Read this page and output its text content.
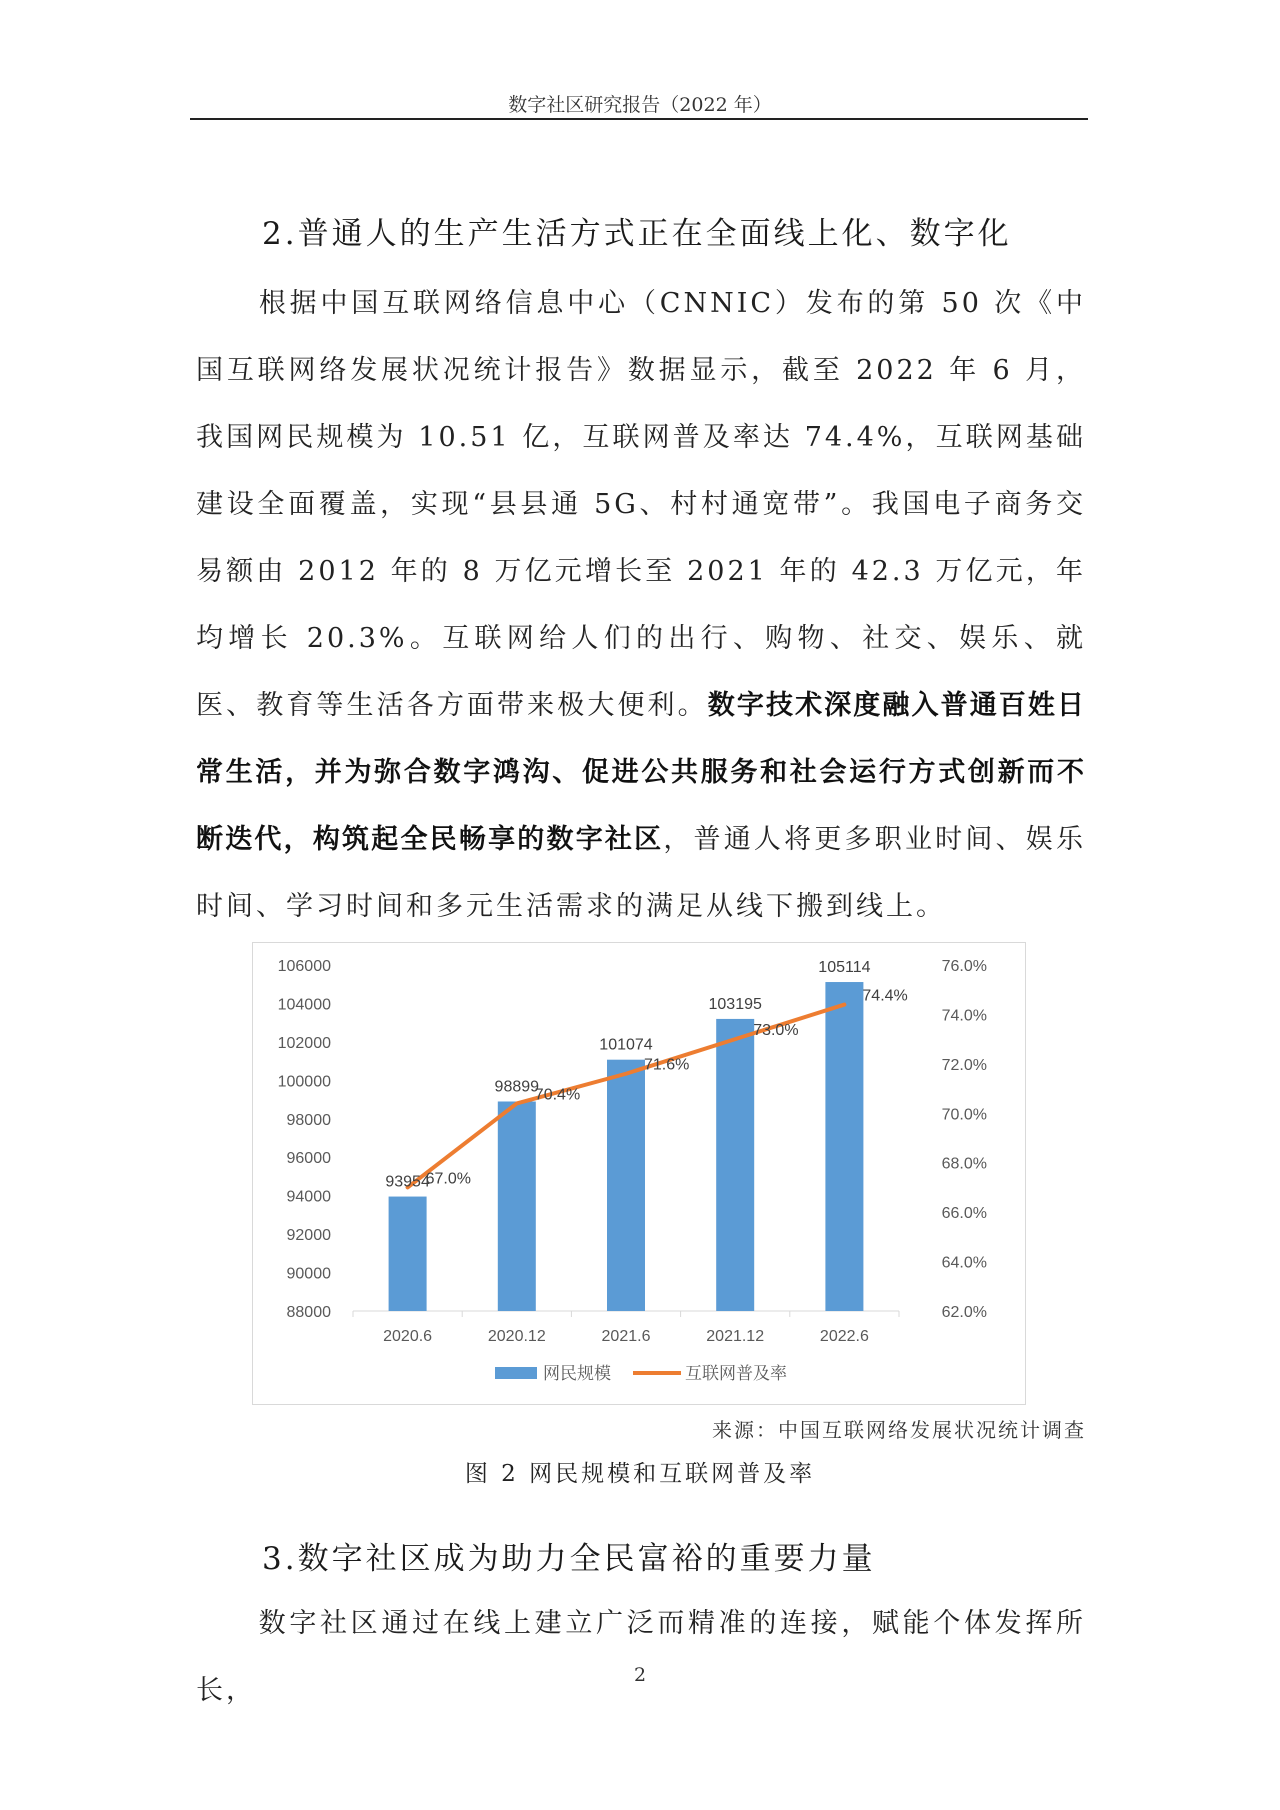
数字社区研究报告（2022 年）
2.普通人的生产生活方式正在全面线上化、数字化
根据中国互联网络信息中心（CNNIC）发布的第 50 次《中国互联网络发展状况统计报告》数据显示，截至 2022 年 6 月，我国网民规模为 10.51 亿，互联网普及率达 74.4%，互联网基础建设全面覆盖，实现“县县通 5G、村村通宽带”。我国电子商务交易额由 2012 年的 8 万亿元增长至 2021 年的 42.3 万亿元，年均增长 20.3%。互联网给人们的出行、购物、社交、娱乐、就医、教育等生活各方面带来极大便利。数字技术深度融入普通百姓日常生活，并为弥合数字鸿沟、促进公共服务和社会运行方式创新而不断迭代，构筑起全民畅享的数字社区，普通人将更多职业时间、娱乐时间、学习时间和多元生活需求的满足从线下搬到线上。
88000
90000
92000
94000
96000
98000
100000
102000
104000
106000
62.0%
64.0%
66.0%
68.0%
70.0%
72.0%
74.0%
76.0%
2020.6	2020.12	2021.6	2021.12	2022.6
93954
98899
101074
103195
105114
67.0%
70.4%
71.6%
73.0%
74.4%
网民规模	互联网普及率
来源：中国互联网络发展状况统计调查
图 2 网民规模和互联网普及率
3.数字社区成为助力全民富裕的重要力量
数字社区通过在线上建立广泛而精准的连接，赋能个体发挥所长，	2
